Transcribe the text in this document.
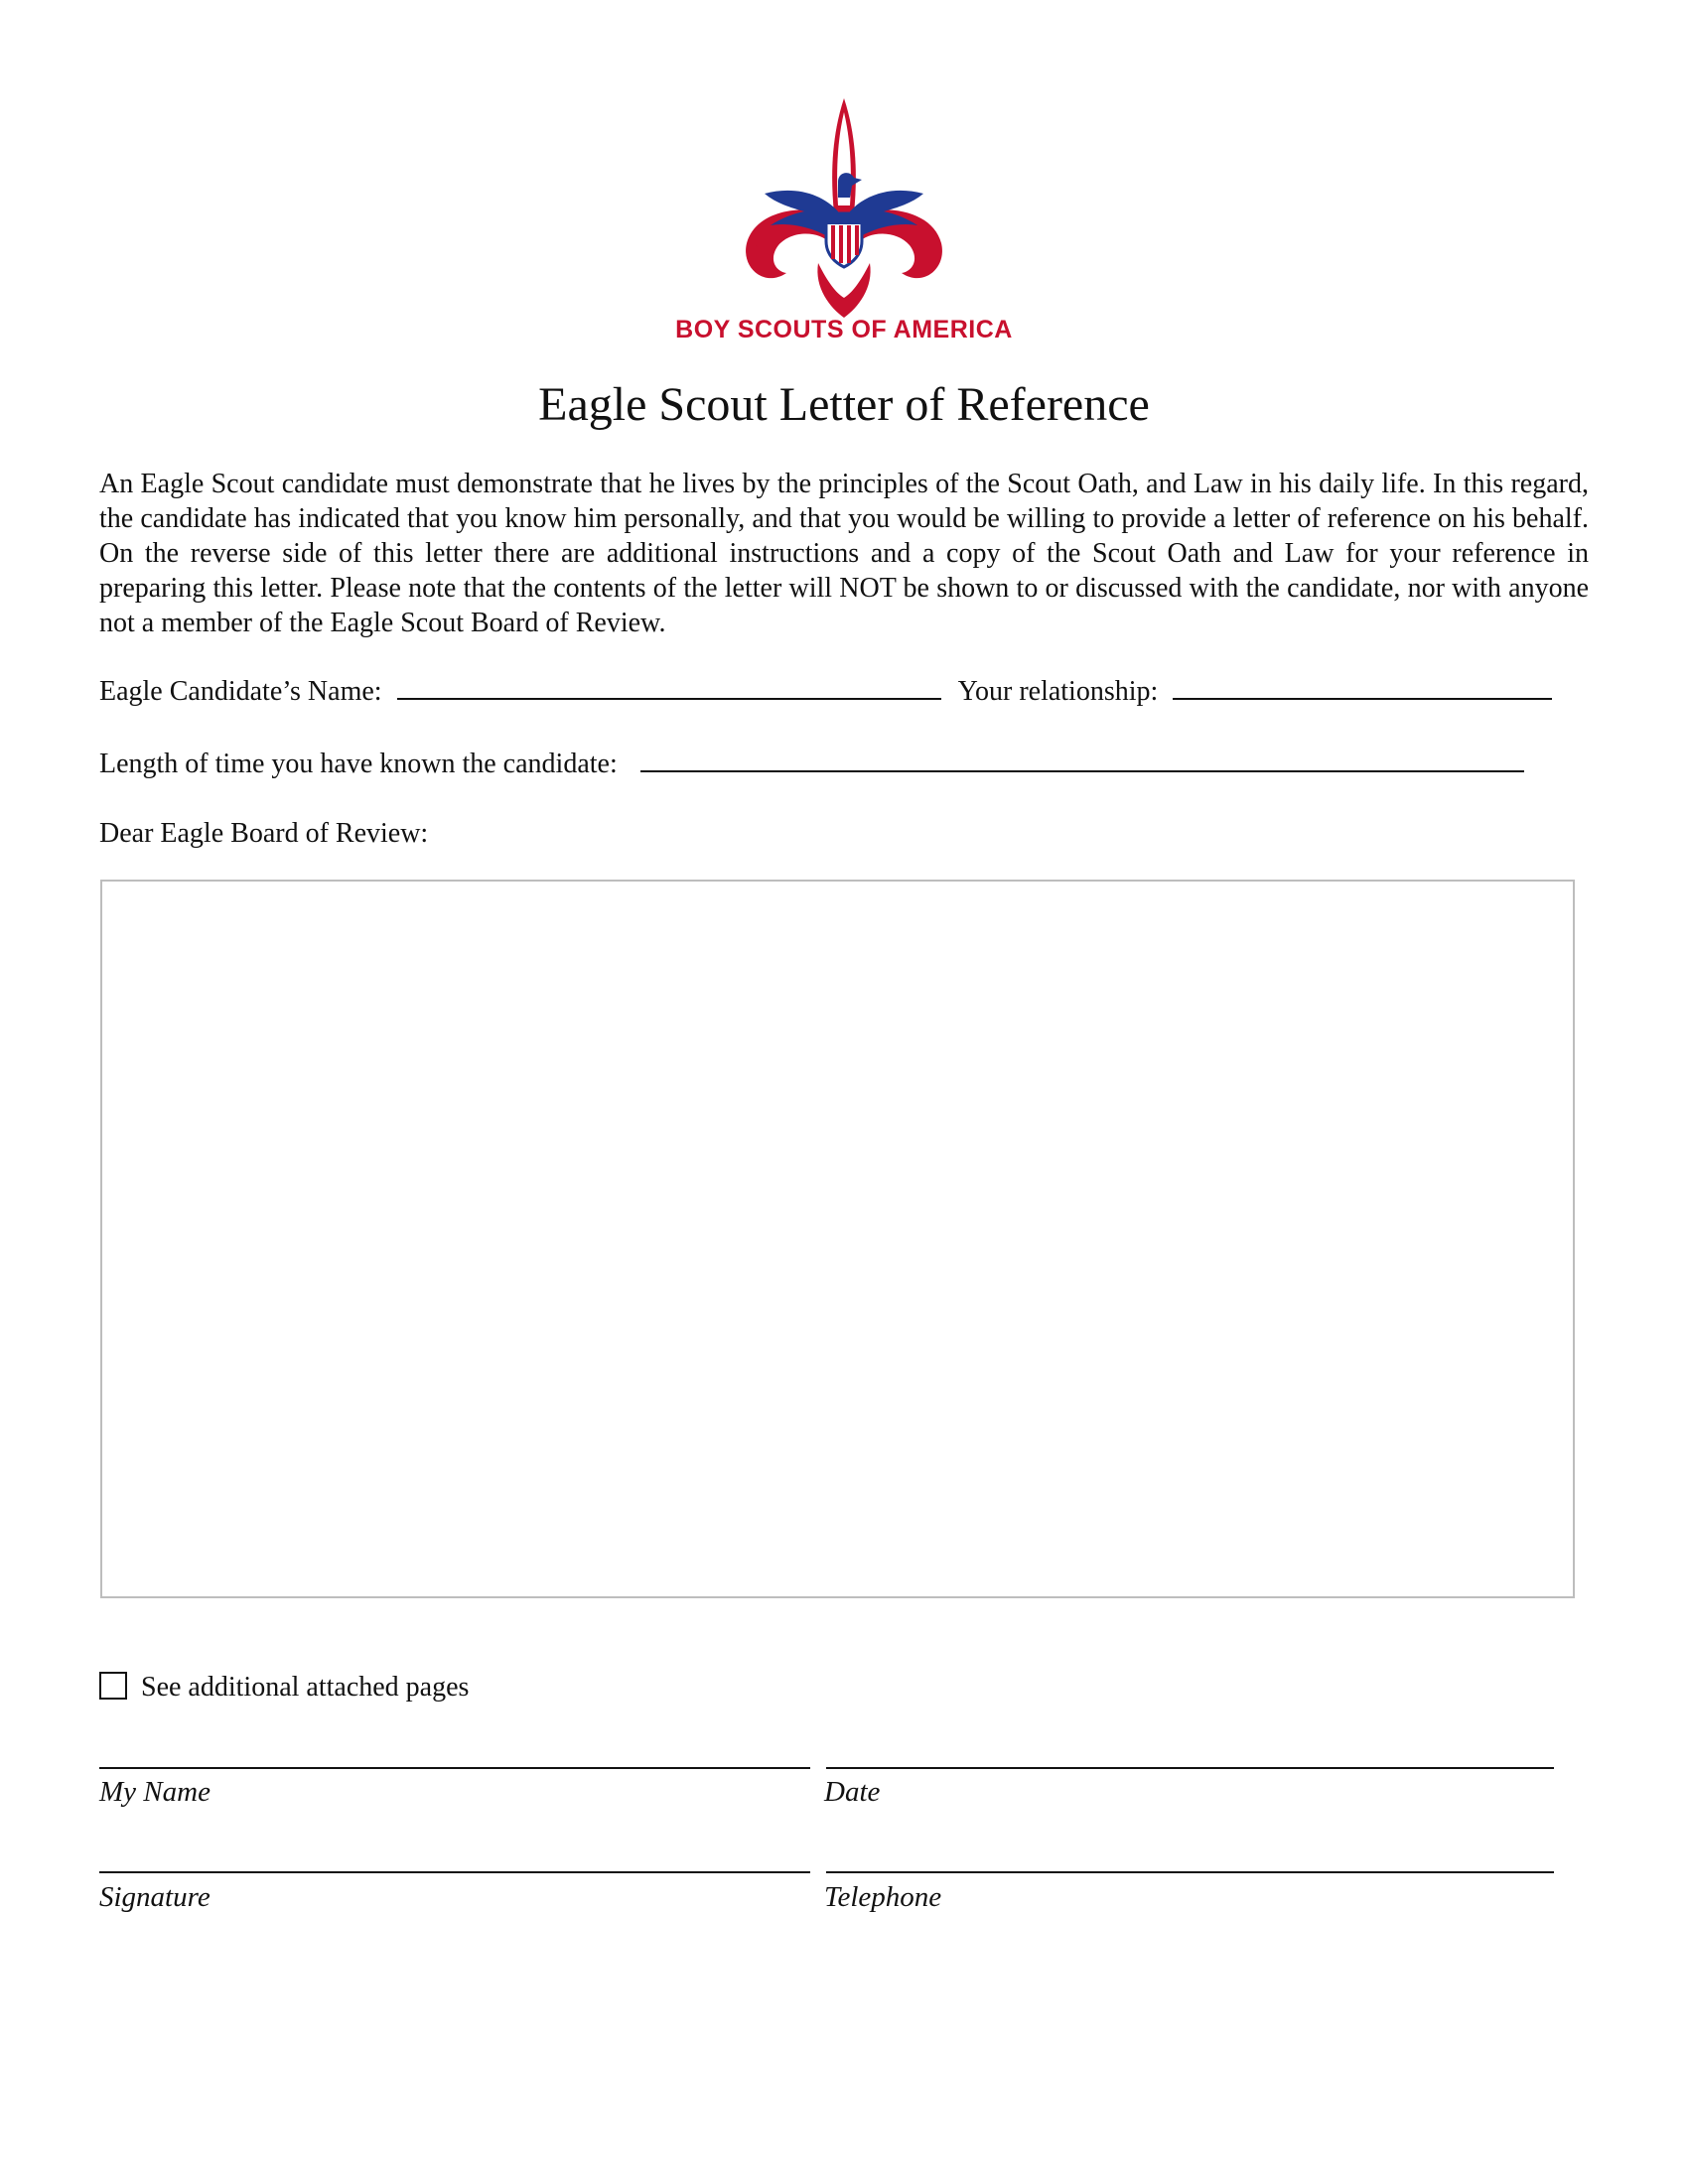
BOY SCOUTS OF AMERICA
Eagle Scout Letter of Reference
An Eagle Scout candidate must demonstrate that he lives by the principles of the Scout Oath, and Law in his daily life. In this regard, the candidate has indicated that you know him personally, and that you would be willing to provide a letter of reference on his behalf. On the reverse side of this letter there are additional instructions and a copy of the Scout Oath and Law for your reference in preparing this letter. Please note that the contents of the letter will NOT be shown to or discussed with the candidate, nor with anyone not a member of the Eagle Scout Board of Review.
Eagle Candidate’s Name:	Your relationship:
Length of time you have known the candidate:
Dear Eagle Board of Review:
See additional attached pages
My Name	Date
Signature	Telephone
